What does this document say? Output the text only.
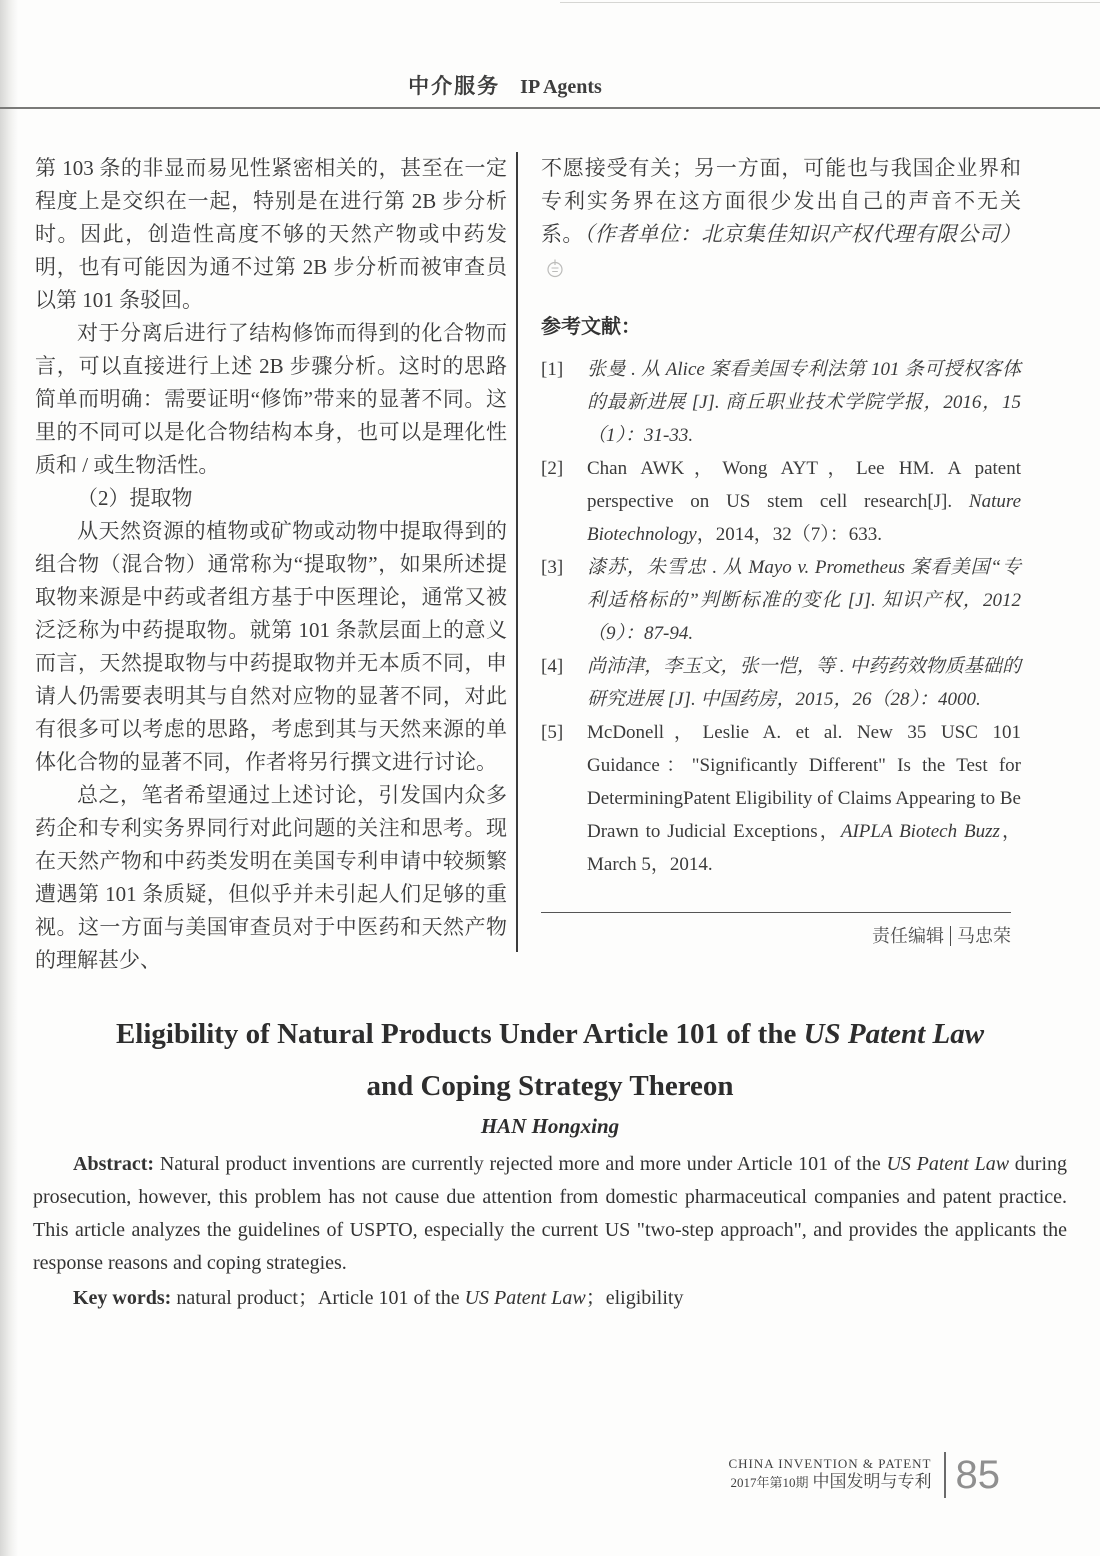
中介服务 IP Agents

第 103 条的非显而易见性紧密相关的，甚至在一定程度上是交织在一起，特别是在进行第 2B 步分析时。因此，创造性高度不够的天然产物或中药发明，也有可能因为通不过第 2B 步分析而被审查员以第 101 条驳回。

对于分离后进行了结构修饰而得到的化合物而言，可以直接进行上述 2B 步骤分析。这时的思路简单而明确：需要证明“修饰”带来的显著不同。这里的不同可以是化合物结构本身，也可以是理化性质和 / 或生物活性。

（2）提取物

从天然资源的植物或矿物或动物中提取得到的组合物（混合物）通常称为“提取物”，如果所述提取物来源是中药或者组方基于中医理论，通常又被泛泛称为中药提取物。就第 101 条款层面上的意义而言，天然提取物与中药提取物并无本质不同，申请人仍需要表明其与自然对应物的显著不同，对此有很多可以考虑的思路，考虑到其与天然来源的单体化合物的显著不同，作者将另行撰文进行讨论。

总之，笔者希望通过上述讨论，引发国内众多药企和专利实务界同行对此问题的关注和思考。现在天然产物和中药类发明在美国专利申请中较频繁遭遇第 101 条质疑，但似乎并未引起人们足够的重视。这一方面与美国审查员对于中医药和天然产物的理解甚少、

不愿接受有关；另一方面，可能也与我国企业界和专利实务界在这方面很少发出自己的声音不无关系。（作者单位：北京集佳知识产权代理有限公司）

参考文献：
[1]	张曼 . 从 Alice 案看美国专利法第 101 条可授权客体的最新进展 [J]. 商丘职业技术学院学报，2016，15（1）：31-33.
[2]	Chan AWK，Wong AYT，Lee HM. A patent perspective on US stem cell research[J]. Nature Biotechnology，2014，32（7）：633.
[3]	漆苏，朱雪忠 . 从 Mayo v. Prometheus 案看美国“专利适格标的”判断标准的变化 [J]. 知识产权，2012（9）：87-94.
[4]	尚沛津，李玉文，张一恺，等 . 中药药效物质基础的研究进展 [J]. 中国药房，2015，26（28）：4000.
[5]	McDonell，Leslie A. et al. New 35 USC 101 Guidance："Significantly Different" Is the Test for DeterminingPatent Eligibility of Claims Appearing to Be Drawn to Judicial Exceptions，AIPLA Biotech Buzz，March 5，2014.
责任编辑 马忠荣
Eligibility of Natural Products Under Article 101 of the US Patent Law
and Coping Strategy Thereon
HAN Hongxing

Abstract: Natural product inventions are currently rejected more and more under Article 101 of the US Patent Law during prosecution, however, this problem has not cause due attention from domestic pharmaceutical companies and patent practice. This article analyzes the guidelines of USPTO, especially the current US "two-step approach", and provides the applicants the response reasons and coping strategies.

Key words: natural product；Article 101 of the US Patent Law；eligibility

CHINA INVENTION & PATENT
2017年第10期 中国发明与专利 85
